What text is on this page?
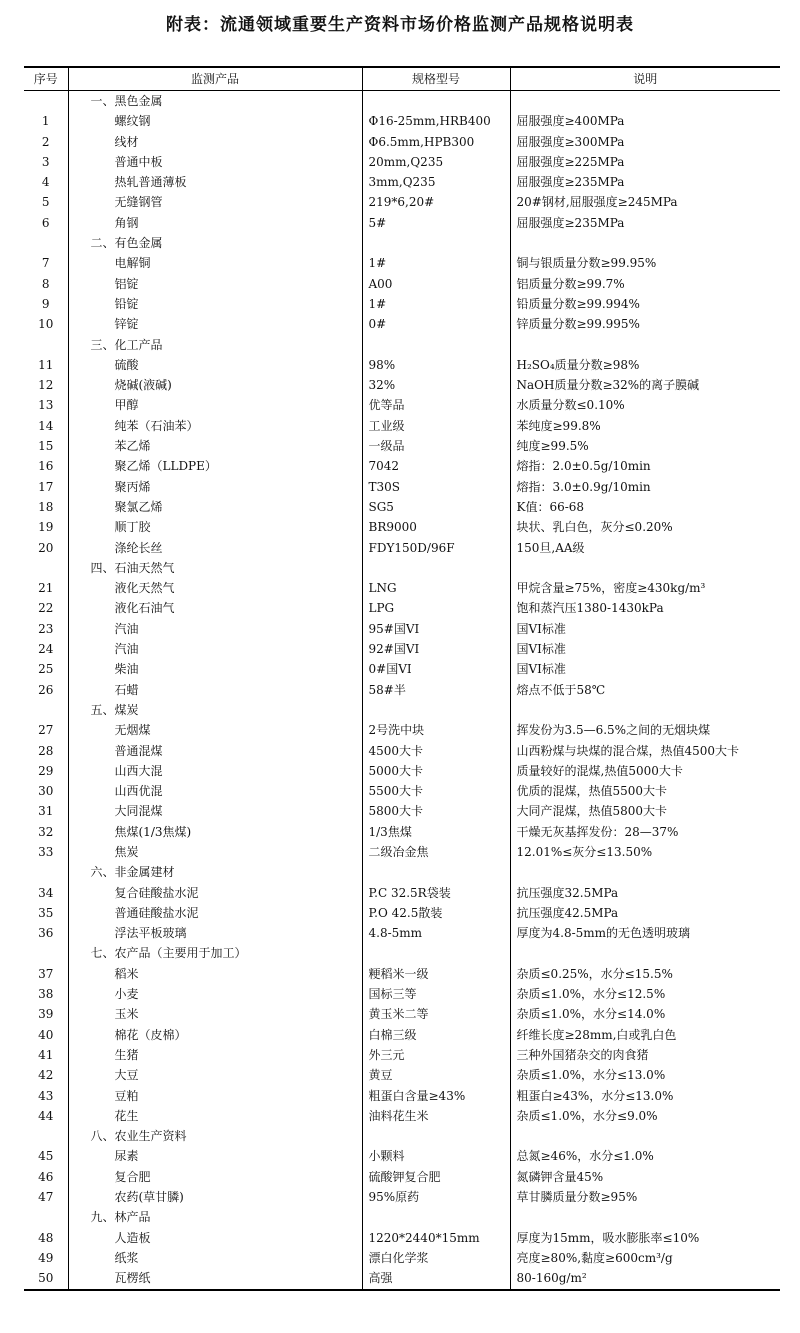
附表：流通领域重要生产资料市场价格监测产品规格说明表
序号	监测产品	规格型号	说明
	一、黑色金属		
1	螺纹钢	Φ16-25mm,HRB400	屈服强度≥400MPa
2	线材	Φ6.5mm,HPB300	屈服强度≥300MPa
3	普通中板	20mm,Q235	屈服强度≥225MPa
4	热轧普通薄板	3mm,Q235	屈服强度≥235MPa
5	无缝钢管	219*6,20#	20#钢材,屈服强度≥245MPa
6	角钢	5#	屈服强度≥235MPa
	二、有色金属		
7	电解铜	1#	铜与银质量分数≥99.95%
8	铝锭	A00	铝质量分数≥99.7%
9	铅锭	1#	铅质量分数≥99.994%
10	锌锭	0#	锌质量分数≥99.995%
	三、化工产品		
11	硫酸	98%	H₂SO₄质量分数≥98%
12	烧碱(液碱)	32%	NaOH质量分数≥32%的离子膜碱
13	甲醇	优等品	水质量分数≤0.10%
14	纯苯（石油苯）	工业级	苯纯度≥99.8%
15	苯乙烯	一级品	纯度≥99.5%
16	聚乙烯（LLDPE）	7042	熔指：2.0±0.5g/10min
17	聚丙烯	T30S	熔指：3.0±0.9g/10min
18	聚氯乙烯	SG5	K值：66-68
19	顺丁胶	BR9000	块状、乳白色，灰分≤0.20%
20	涤纶长丝	FDY150D/96F	150旦,AA级
	四、石油天然气		
21	液化天然气	LNG	甲烷含量≥75%，密度≥430kg/m³
22	液化石油气	LPG	饱和蒸汽压1380-1430kPa
23	汽油	95#国VI	国VI标准
24	汽油	92#国VI	国VI标准
25	柴油	0#国VI	国VI标准
26	石蜡	58#半	熔点不低于58℃
	五、煤炭		
27	无烟煤	2号洗中块	挥发份为3.5—6.5%之间的无烟块煤
28	普通混煤	4500大卡	山西粉煤与块煤的混合煤，热值4500大卡
29	山西大混	5000大卡	质量较好的混煤,热值5000大卡
30	山西优混	5500大卡	优质的混煤，热值5500大卡
31	大同混煤	5800大卡	大同产混煤，热值5800大卡
32	焦煤(1/3焦煤)	1/3焦煤	干燥无灰基挥发份：28—37%
33	焦炭	二级冶金焦	12.01%≤灰分≤13.50%
	六、非金属建材		
34	复合硅酸盐水泥	P.C 32.5R袋装	抗压强度32.5MPa
35	普通硅酸盐水泥	P.O 42.5散装	抗压强度42.5MPa
36	浮法平板玻璃	4.8-5mm	厚度为4.8-5mm的无色透明玻璃
	七、农产品（主要用于加工）		
37	稻米	粳稻米一级	杂质≤0.25%，水分≤15.5%
38	小麦	国标三等	杂质≤1.0%，水分≤12.5%
39	玉米	黄玉米二等	杂质≤1.0%，水分≤14.0%
40	棉花（皮棉）	白棉三级	纤维长度≥28mm,白或乳白色
41	生猪	外三元	三种外国猪杂交的肉食猪
42	大豆	黄豆	杂质≤1.0%，水分≤13.0%
43	豆粕	粗蛋白含量≥43%	粗蛋白≥43%，水分≤13.0%
44	花生	油料花生米	杂质≤1.0%，水分≤9.0%
	八、农业生产资料		
45	尿素	小颗料	总氮≥46%，水分≤1.0%
46	复合肥	硫酸钾复合肥	氮磷钾含量45%
47	农药(草甘膦)	95%原药	草甘膦质量分数≥95%
	九、林产品		
48	人造板	1220*2440*15mm	厚度为15mm，吸水膨胀率≤10%
49	纸浆	漂白化学浆	亮度≥80%,黏度≥600cm³/g
50	瓦楞纸	高强	80-160g/m²
